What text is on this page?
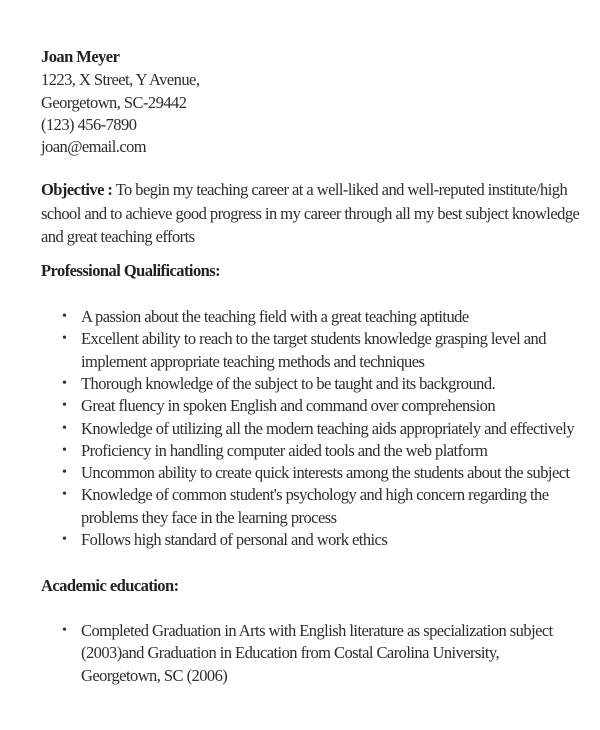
Joan Meyer
1223, X Street, Y Avenue,
Georgetown, SC-29442
(123) 456-7890
joan@email.com
Objective : To begin my teaching career at a well-liked and well-reputed institute/high
school and to achieve good progress in my career through all my best subject knowledge
and great teaching efforts
Professional Qualifications:
• A passion about the teaching field with a great teaching aptitude
• Excellent ability to reach to the target students knowledge grasping level and
implement appropriate teaching methods and techniques
• Thorough knowledge of the subject to be taught and its background.
• Great fluency in spoken English and command over comprehension
• Knowledge of utilizing all the modern teaching aids appropriately and effectively
• Proficiency in handling computer aided tools and the web platform
• Uncommon ability to create quick interests among the students about the subject
• Knowledge of common student's psychology and high concern regarding the
problems they face in the learning process
• Follows high standard of personal and work ethics
Academic education:
• Completed Graduation in Arts with English literature as specialization subject
(2003)and Graduation in Education from Costal Carolina University,
Georgetown, SC (2006)
